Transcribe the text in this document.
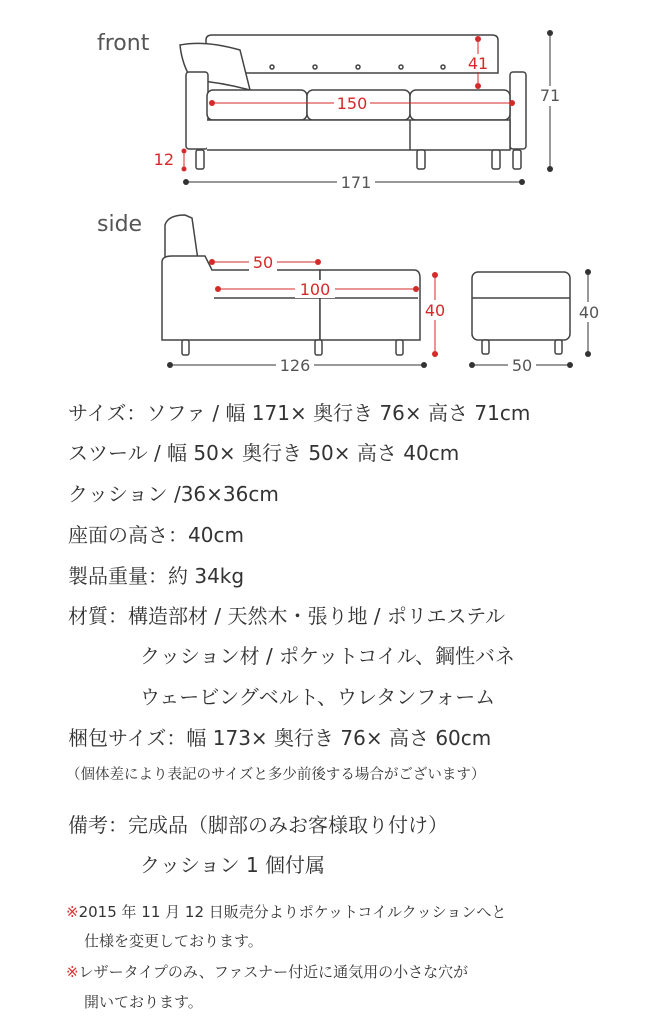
front
side
150
41
71
171
12
50
100
40
126
40
50
サイズ：ソファ / 幅 171× 奥行き 76× 高さ 71cm
スツール / 幅 50× 奥行き 50× 高さ 40cm
クッション /36×36cm
座面の高さ：40cm
製品重量：約 34kg
材質：構造部材 / 天然木・張り地 / ポリエステル
クッション材 / ポケットコイル、鋼性バネ
ウェービングベルト、ウレタンフォーム
梱包サイズ：幅 173× 奥行き 76× 高さ 60cm
（個体差により表記のサイズと多少前後する場合がございます）
備考：完成品（脚部のみお客様取り付け）
クッション 1 個付属
※2015 年 11 月 12 日販売分よりポケットコイルクッションへと
仕様を変更しております。
※レザータイプのみ、ファスナー付近に通気用の小さな穴が
開いております。
